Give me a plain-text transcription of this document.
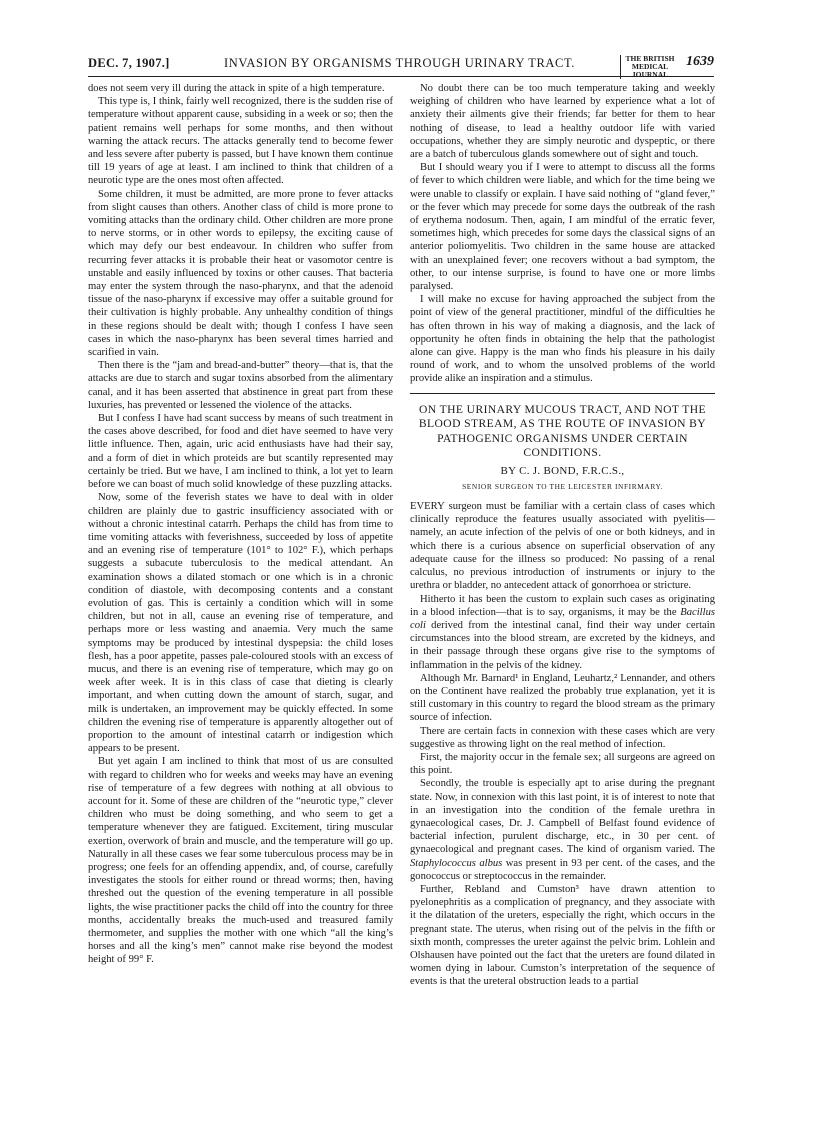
DEC. 7, 1907.]	INVASION BY ORGANISMS THROUGH URINARY TRACT.	THE BRITISH
MEDICAL JOURNAL
1639

does not seem very ill during the attack in spite of a high temperature.

This type is, I think, fairly well recognized, there is the sudden rise of temperature without apparent cause, subsiding in a week or so; then the patient remains well perhaps for some months, and then without warning the attack recurs. The attacks generally tend to become fewer and less severe after puberty is passed, but I have known them continue till 19 years of age at least. I am inclined to think that children of a neurotic type are the ones most often affected.

Some children, it must be admitted, are more prone to fever attacks from slight causes than others. Another class of child is more prone to vomiting attacks than the ordinary child. Other children are more prone to nerve storms, or in other words to epilepsy, the exciting cause of which may defy our best endeavour. In children who suffer from recurring fever attacks it is probable their heat or vasomotor centre is unstable and easily influenced by toxins or other causes. That bacteria may enter the system through the naso-pharynx, and that the adenoid tissue of the naso-pharynx if excessive may offer a suitable ground for their cultivation is highly probable. Any unhealthy condition of things in these regions should be dealt with; though I confess I have seen cases in which the naso-pharynx has been several times harried and scarified in vain.

Then there is the “jam and bread-and-butter” theory—that is, that the attacks are due to starch and sugar toxins absorbed from the alimentary canal, and it has been asserted that abstinence in great part from these luxuries, has prevented or lessened the violence of the attacks.

But I confess I have had scant success by means of such treatment in the cases above described, for food and diet have seemed to have very little influence. Then, again, uric acid enthusiasts have had their say, and a form of diet in which proteids are but scantily represented may certainly be tried. But we have, I am inclined to think, a lot yet to learn before we can boast of much solid knowledge of these puzzling attacks.

Now, some of the feverish states we have to deal with in older children are plainly due to gastric insufficiency associated with or without a chronic intestinal catarrh. Perhaps the child has from time to time vomiting attacks with feverishness, succeeded by loss of appetite and an evening rise of temperature (101° to 102° F.), which perhaps suggests a subacute tuberculosis to the medical attendant. An examination shows a dilated stomach or one which is in a chronic condition of diastole, with decomposing contents and a constant evolution of gas. This is certainly a condition which will in some children, but not in all, cause an evening rise of temperature, and perhaps more or less wasting and anaemia. Very much the same symptoms may be produced by intestinal dyspepsia: the child loses flesh, has a poor appetite, passes pale-coloured stools with an excess of mucus, and there is an evening rise of temperature, which may go on week after week. It is in this class of case that dieting is clearly important, and when cutting down the amount of starch, sugar, and milk is undertaken, an improvement may be quickly effected. In some children the evening rise of temperature is apparently altogether out of proportion to the amount of intestinal catarrh or indigestion which appears to be present.

But yet again I am inclined to think that most of us are consulted with regard to children who for weeks and weeks may have an evening rise of temperature of a few degrees with nothing at all obvious to account for it. Some of these are children of the “neurotic type,” clever children who must be doing something, and who seem to get a temperature whenever they are fatigued. Excitement, tiring muscular exertion, overwork of brain and muscle, and the temperature will go up. Naturally in all these cases we fear some tuberculous process may be in progress; one feels for an offending appendix, and, of course, carefully investigates the stools for either round or thread worms; then, having threshed out the question of the evening temperature in all possible lights, the wise practitioner packs the child off into the country for three months, accidentally breaks the much-used and treasured family thermometer, and supplies the mother with one which “all the king’s horses and all the king’s men” cannot make rise beyond the modest height of 99° F.

No doubt there can be too much temperature taking and weekly weighing of children who have learned by experience what a lot of anxiety their ailments give their friends; far better for them to hear nothing of disease, to lead a healthy outdoor life with varied occupations, whether they are simply neurotic and dyspeptic, or there are a batch of tuberculous glands somewhere out of sight and touch.

But I should weary you if I were to attempt to discuss all the forms of fever to which children were liable, and which for the time being we were unable to classify or explain. I have said nothing of “gland fever,” or the fever which may precede for some days the outbreak of the rash of erythema nodosum. Then, again, I am mindful of the erratic fever, sometimes high, which precedes for some days the classical signs of an anterior poliomyelitis. Two children in the same house are attacked with an unexplained fever; one recovers without a bad symptom, the other, to our intense surprise, is found to have one or more limbs paralysed.

I will make no excuse for having approached the subject from the point of view of the general practitioner, mindful of the difficulties he has often thrown in his way of making a diagnosis, and the lack of opportunity he often finds in obtaining the help that the pathologist alone can give. Happy is the man who finds his pleasure in his daily round of work, and to whom the unsolved problems of the world provide alike an inspiration and a stimulus.

ON THE URINARY MUCOUS TRACT, AND NOT THE BLOOD STREAM, AS THE ROUTE OF INVASION BY PATHOGENIC ORGANISMS UNDER CERTAIN CONDITIONS.
BY C. J. BOND, F.R.C.S.,
SENIOR SURGEON TO THE LEICESTER INFIRMARY.

EVERY surgeon must be familiar with a certain class of cases which clinically reproduce the features usually associated with pyelitis—namely, an acute infection of the pelvis of one or both kidneys, and in which there is a curious absence on superficial observation of any adequate cause for the illness so produced: No passing of a renal calculus, no previous introduction of instruments or injury to the urethra or bladder, no antecedent attack of gonorrhoea or stricture.

Hitherto it has been the custom to explain such cases as originating in a blood infection—that is to say, organisms, it may be the Bacillus coli derived from the intestinal canal, find their way under certain circumstances into the blood stream, are excreted by the kidneys, and in their passage through these organs give rise to the symptoms of inflammation in the pelvis of the kidney.

Although Mr. Barnard¹ in England, Leuhartz,² Lennander, and others on the Continent have realized the probably true explanation, yet it is still customary in this country to regard the blood stream as the primary source of infection.

There are certain facts in connexion with these cases which are very suggestive as throwing light on the real method of infection.

First, the majority occur in the female sex; all surgeons are agreed on this point.

Secondly, the trouble is especially apt to arise during the pregnant state. Now, in connexion with this last point, it is of interest to note that in an investigation into the condition of the female urethra in gynaecological cases, Dr. J. Campbell of Belfast found evidence of bacterial infection, purulent discharge, etc., in 30 per cent. of gynaecological and pregnant cases. The kind of organism varied. The Staphylococcus albus was present in 93 per cent. of the cases, and the gonococcus or streptococcus in the remainder.

Further, Rebland and Cumston³ have drawn attention to pyelonephritis as a complication of pregnancy, and they associate with it the dilatation of the ureters, especially the right, which occurs in the pregnant state. The uterus, when rising out of the pelvis in the fifth or sixth month, compresses the ureter against the pelvic brim. Lohlein and Olshausen have pointed out the fact that the ureters are found dilated in women dying in labour. Cumston’s interpretation of the sequence of events is that the ureteral obstruction leads to a partial
